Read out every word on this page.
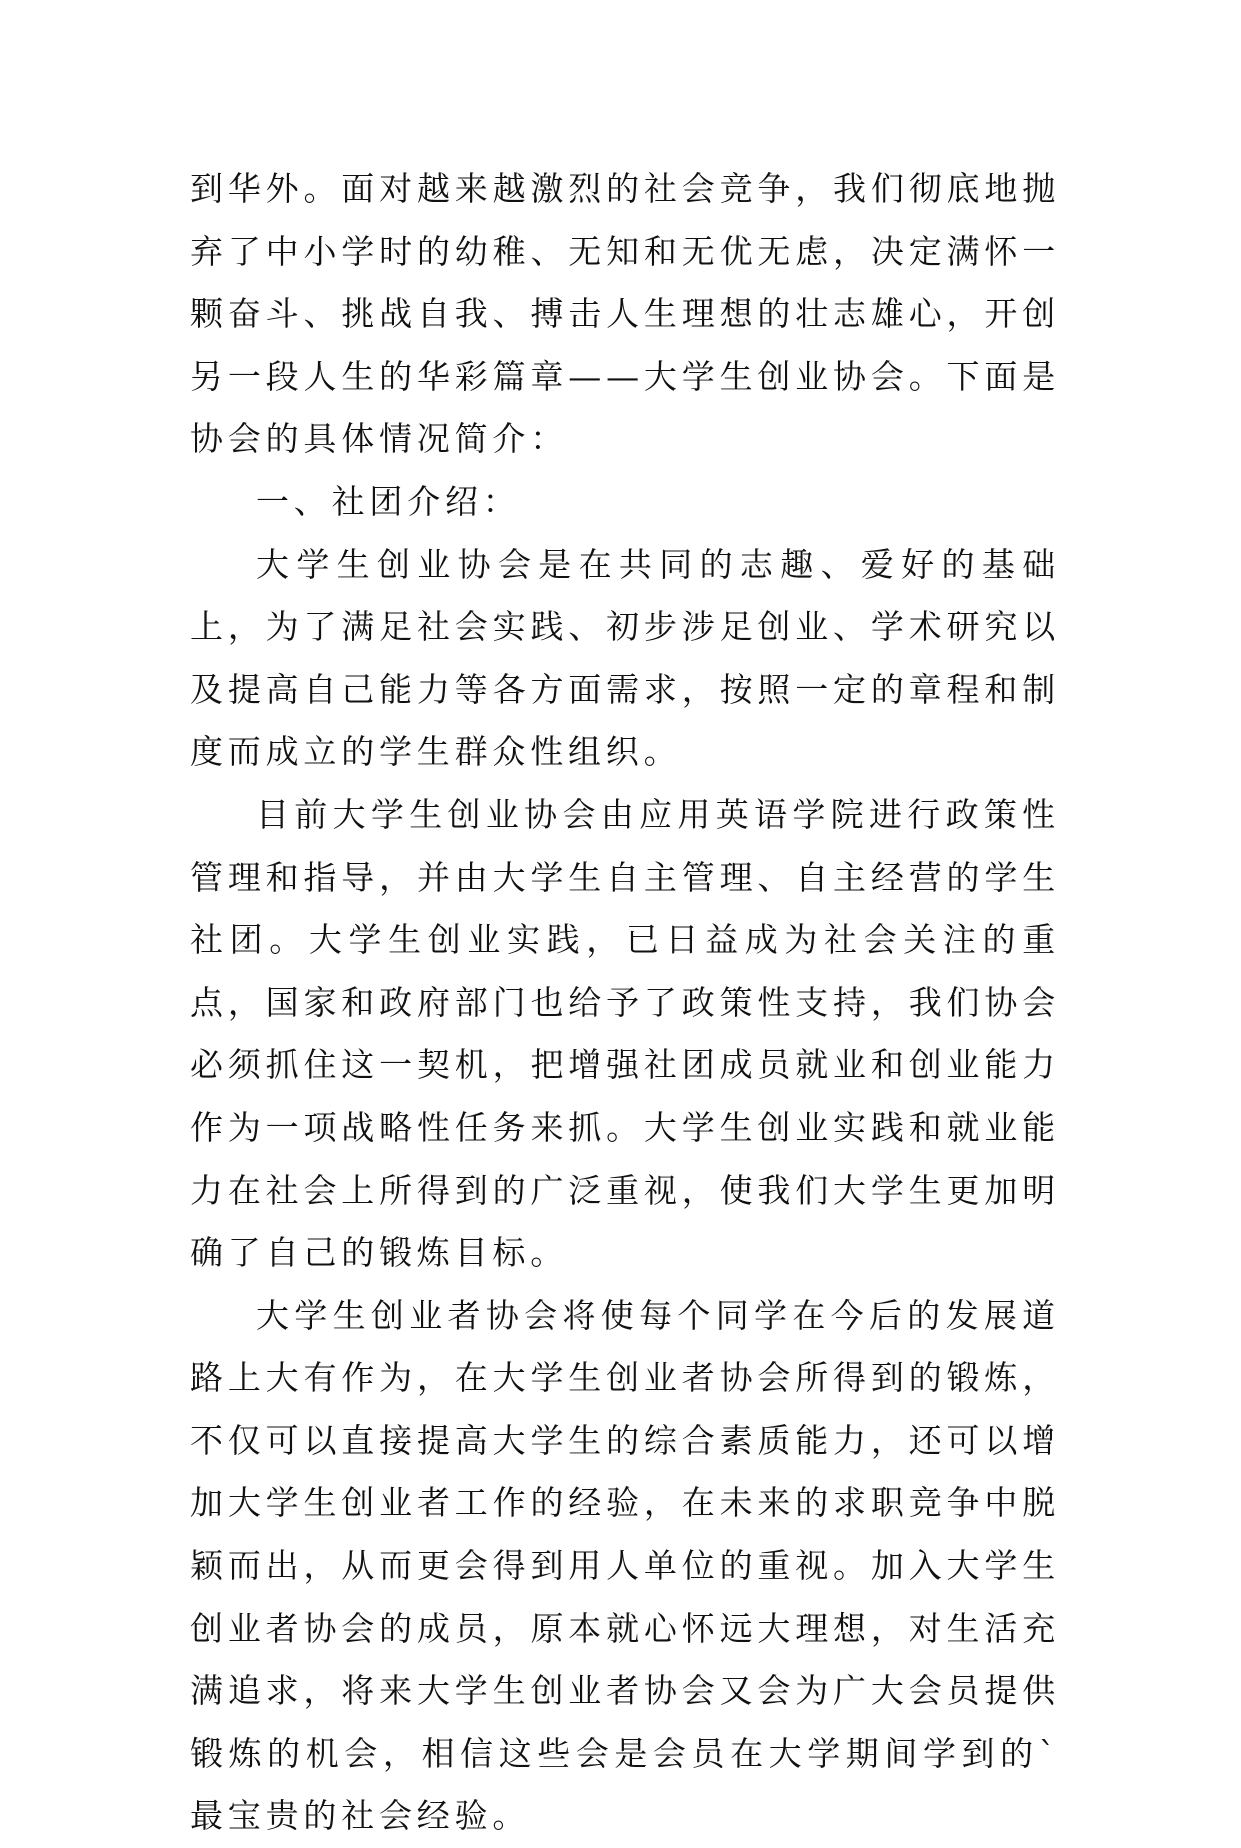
到华外。面对越来越激烈的社会竞争，我们彻底地抛弃了中小学时的幼稚、无知和无优无虑，决定满怀一颗奋斗、挑战自我、搏击人生理想的壮志雄心，开创另一段人生的华彩篇章——大学生创业协会。下面是协会的具体情况简介：

一、社团介绍：

大学生创业协会是在共同的志趣、爱好的基础上，为了满足社会实践、初步涉足创业、学术研究以及提高自己能力等各方面需求，按照一定的章程和制度而成立的学生群众性组织。

目前大学生创业协会由应用英语学院进行政策性管理和指导，并由大学生自主管理、自主经营的学生社团。大学生创业实践，已日益成为社会关注的重点，国家和政府部门也给予了政策性支持，我们协会必须抓住这一契机，把增强社团成员就业和创业能力作为一项战略性任务来抓。大学生创业实践和就业能力在社会上所得到的广泛重视，使我们大学生更加明确了自己的锻炼目标。

大学生创业者协会将使每个同学在今后的发展道路上大有作为，在大学生创业者协会所得到的锻炼，不仅可以直接提高大学生的综合素质能力，还可以增加大学生创业者工作的经验，在未来的求职竞争中脱颖而出，从而更会得到用人单位的重视。加入大学生创业者协会的成员，原本就心怀远大理想，对生活充满追求，将来大学生创业者协会又会为广大会员提供锻炼的机会，相信这些会是会员在大学期间学到的`最宝贵的社会经验。
